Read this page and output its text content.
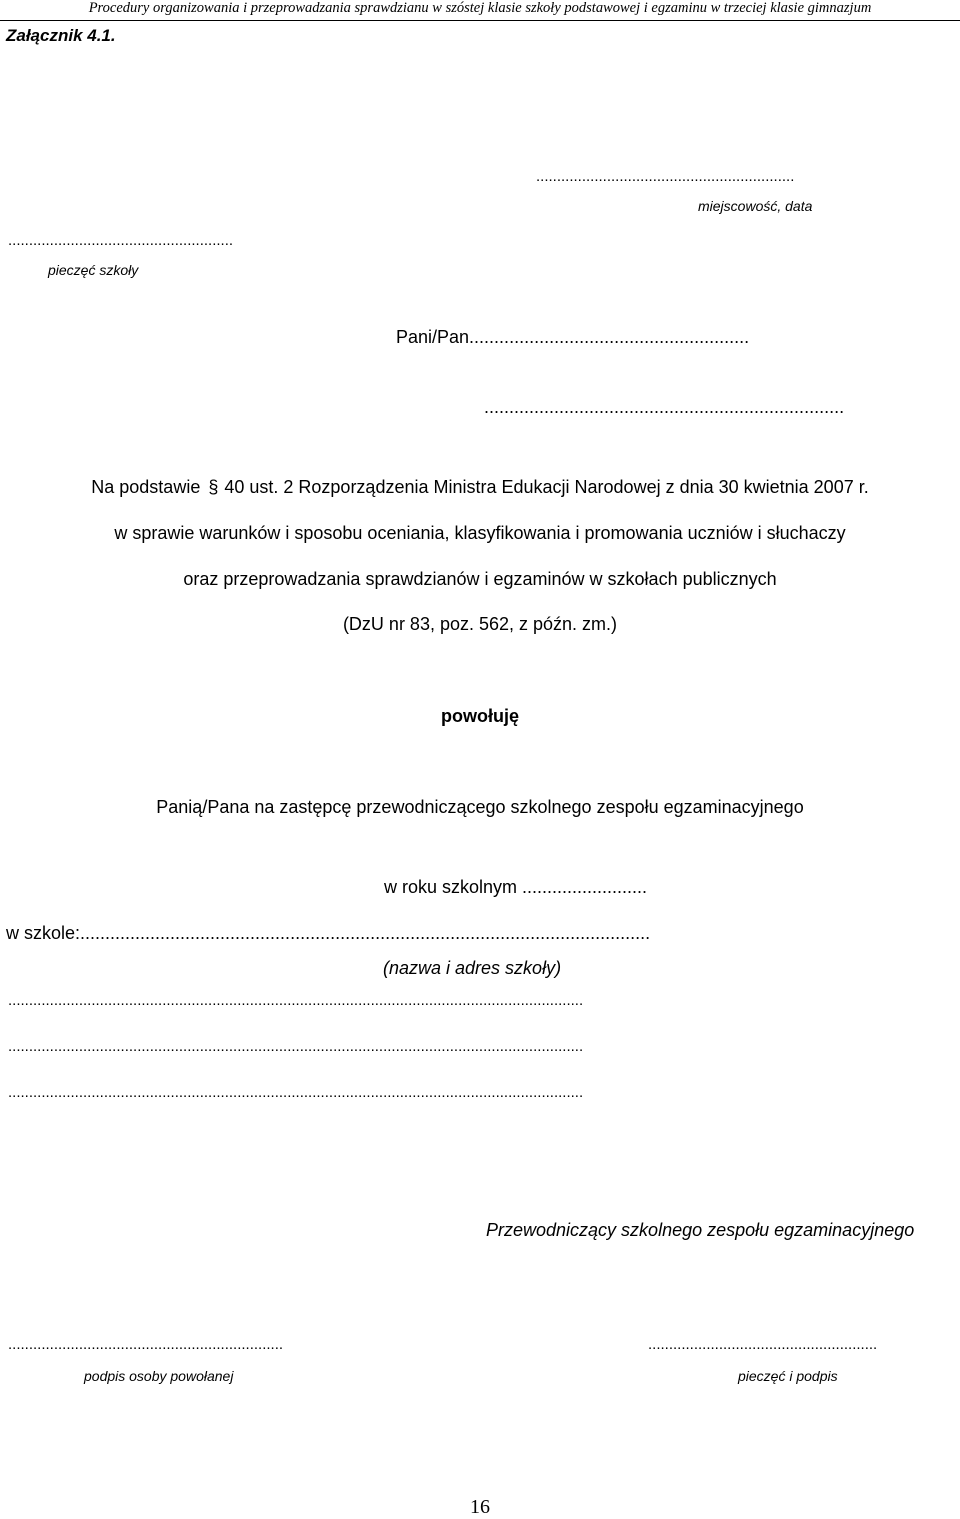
Procedury organizowania i przeprowadzania sprawdzianu w szóstej klasie szkoły podstawowej i egzaminu w trzeciej klasie gimnazjum
Załącznik 4.1.
..............................................................
miejscowość, data
......................................................
pieczęć szkoły
Pani/Pan........................................................
........................................................................
Na podstawie § 40 ust. 2 Rozporządzenia Ministra Edukacji Narodowej z dnia 30 kwietnia 2007 r.
w sprawie warunków i sposobu oceniania, klasyfikowania i promowania uczniów i słuchaczy
oraz przeprowadzania sprawdzianów i egzaminów w szkołach publicznych
(DzU nr 83, poz. 562, z późn. zm.)
powołuję
Panią/Pana na zastępcę przewodniczącego szkolnego zespołu egzaminacyjnego
w roku szkolnym .........................
w szkole:..................................................................................................................
(nazwa i adres szkoły)
..........................................................................................................................................
..........................................................................................................................................
..........................................................................................................................................
Przewodniczący szkolnego zespołu egzaminacyjnego
..................................................................
podpis osoby powołanej
.......................................................
pieczęć i podpis
16
